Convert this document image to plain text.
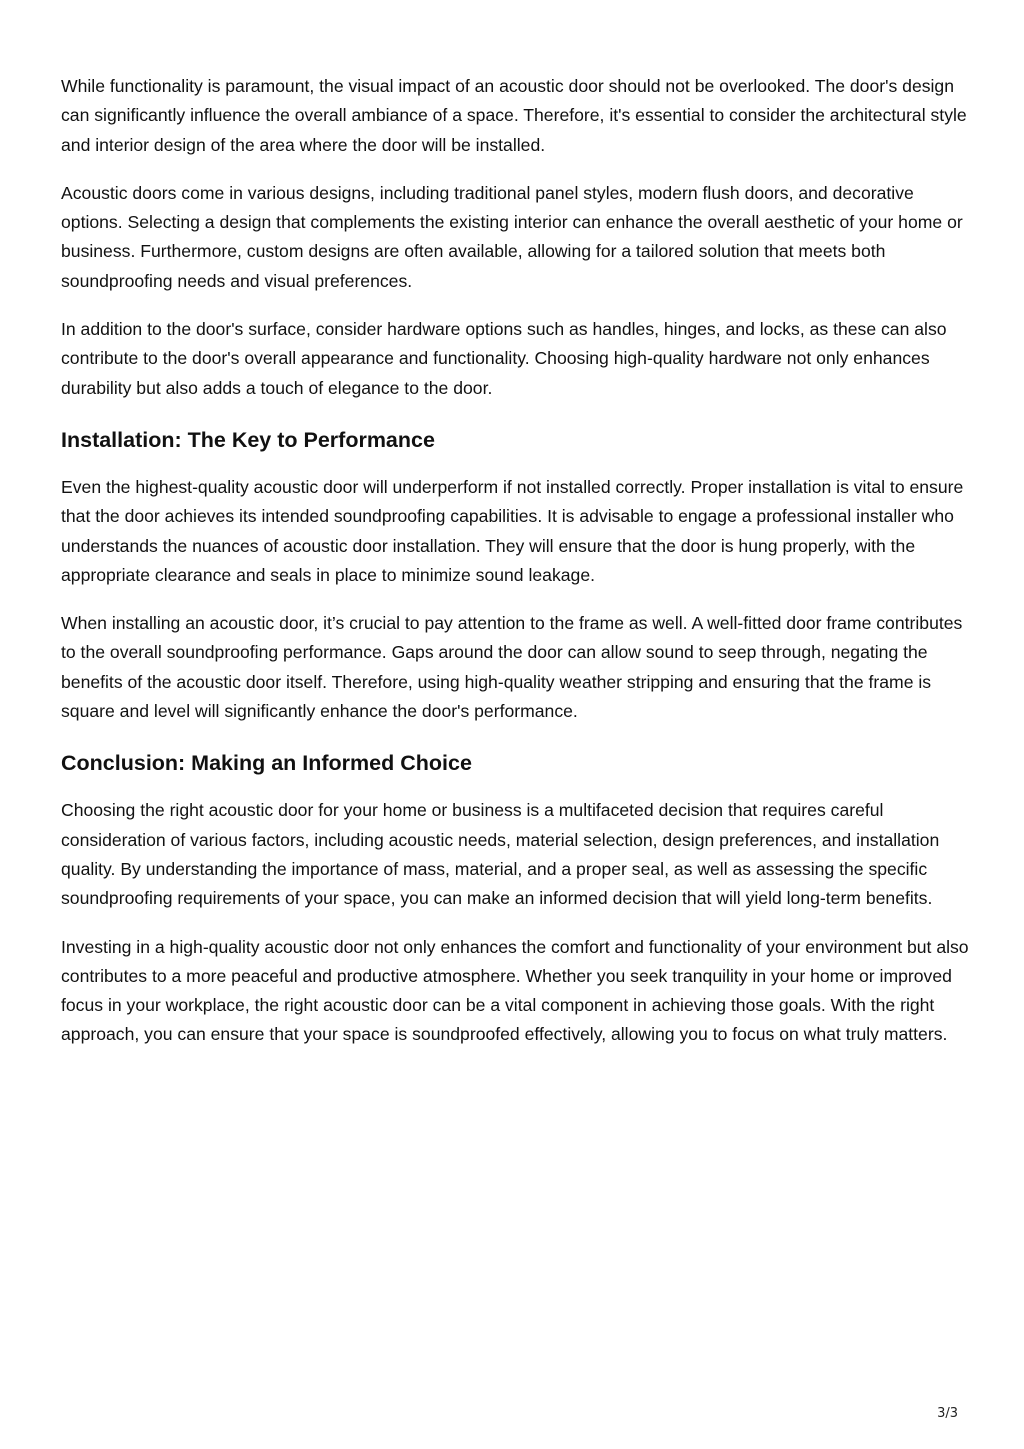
While functionality is paramount, the visual impact of an acoustic door should not be overlooked. The door's design can significantly influence the overall ambiance of a space. Therefore, it's essential to consider the architectural style and interior design of the area where the door will be installed.

Acoustic doors come in various designs, including traditional panel styles, modern flush doors, and decorative options. Selecting a design that complements the existing interior can enhance the overall aesthetic of your home or business. Furthermore, custom designs are often available, allowing for a tailored solution that meets both soundproofing needs and visual preferences.

In addition to the door's surface, consider hardware options such as handles, hinges, and locks, as these can also contribute to the door's overall appearance and functionality. Choosing high-quality hardware not only enhances durability but also adds a touch of elegance to the door.

Installation: The Key to Performance

Even the highest-quality acoustic door will underperform if not installed correctly. Proper installation is vital to ensure that the door achieves its intended soundproofing capabilities. It is advisable to engage a professional installer who understands the nuances of acoustic door installation. They will ensure that the door is hung properly, with the appropriate clearance and seals in place to minimize sound leakage.

When installing an acoustic door, it’s crucial to pay attention to the frame as well. A well-fitted door frame contributes to the overall soundproofing performance. Gaps around the door can allow sound to seep through, negating the benefits of the acoustic door itself. Therefore, using high-quality weather stripping and ensuring that the frame is square and level will significantly enhance the door's performance.

Conclusion: Making an Informed Choice

Choosing the right acoustic door for your home or business is a multifaceted decision that requires careful consideration of various factors, including acoustic needs, material selection, design preferences, and installation quality. By understanding the importance of mass, material, and a proper seal, as well as assessing the specific soundproofing requirements of your space, you can make an informed decision that will yield long-term benefits.

Investing in a high-quality acoustic door not only enhances the comfort and functionality of your environment but also contributes to a more peaceful and productive atmosphere. Whether you seek tranquility in your home or improved focus in your workplace, the right acoustic door can be a vital component in achieving those goals. With the right approach, you can ensure that your space is soundproofed effectively, allowing you to focus on what truly matters.

3/3
